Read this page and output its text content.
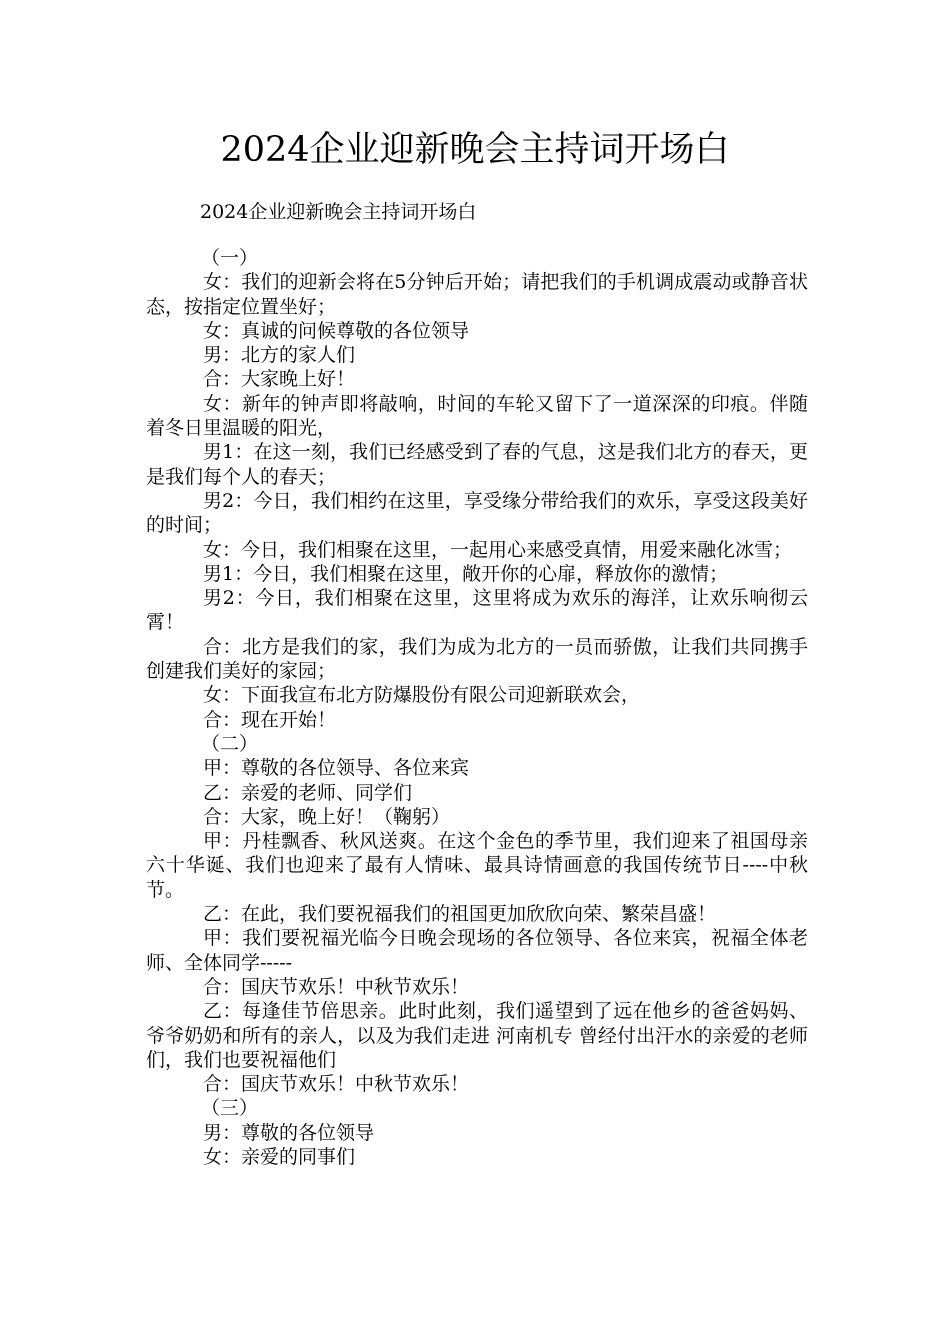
2024企业迎新晚会主持词开场白

2024企业迎新晚会主持词开场白

（一）

女：我们的迎新会将在5分钟后开始；请把我们的手机调成震动或静音状态，按指定位置坐好；

女：真诚的问候尊敬的各位领导

男：北方的家人们

合：大家晚上好！

女：新年的钟声即将敲响，时间的车轮又留下了一道深深的印痕。伴随着冬日里温暖的阳光，

男1：在这一刻，我们已经感受到了春的气息，这是我们北方的春天，更是我们每个人的春天；

男2：今日，我们相约在这里，享受缘分带给我们的欢乐，享受这段美好的时间；

女：今日，我们相聚在这里，一起用心来感受真情，用爱来融化冰雪；

男1：今日，我们相聚在这里，敞开你的心扉，释放你的激情；

男2：今日，我们相聚在这里，这里将成为欢乐的海洋，让欢乐响彻云霄！

合：北方是我们的家，我们为成为北方的一员而骄傲，让我们共同携手创建我们美好的家园；

女：下面我宣布北方防爆股份有限公司迎新联欢会，

合：现在开始！

（二）

甲：尊敬的各位领导、各位来宾

乙：亲爱的老师、同学们

合：大家，晚上好！（鞠躬）

甲：丹桂飘香、秋风送爽。在这个金色的季节里，我们迎来了祖国母亲六十华诞、我们也迎来了最有人情味、最具诗情画意的我国传统节日----中秋节。

乙：在此，我们要祝福我们的祖国更加欣欣向荣、繁荣昌盛！

甲：我们要祝福光临今日晚会现场的各位领导、各位来宾，祝福全体老师、全体同学-----

合：国庆节欢乐！中秋节欢乐！

乙：每逢佳节倍思亲。此时此刻，我们遥望到了远在他乡的爸爸妈妈、爷爷奶奶和所有的亲人，以及为我们走进 河南机专 曾经付出汗水的亲爱的老师们，我们也要祝福他们

合：国庆节欢乐！中秋节欢乐！

（三）

男：尊敬的各位领导

女：亲爱的同事们
